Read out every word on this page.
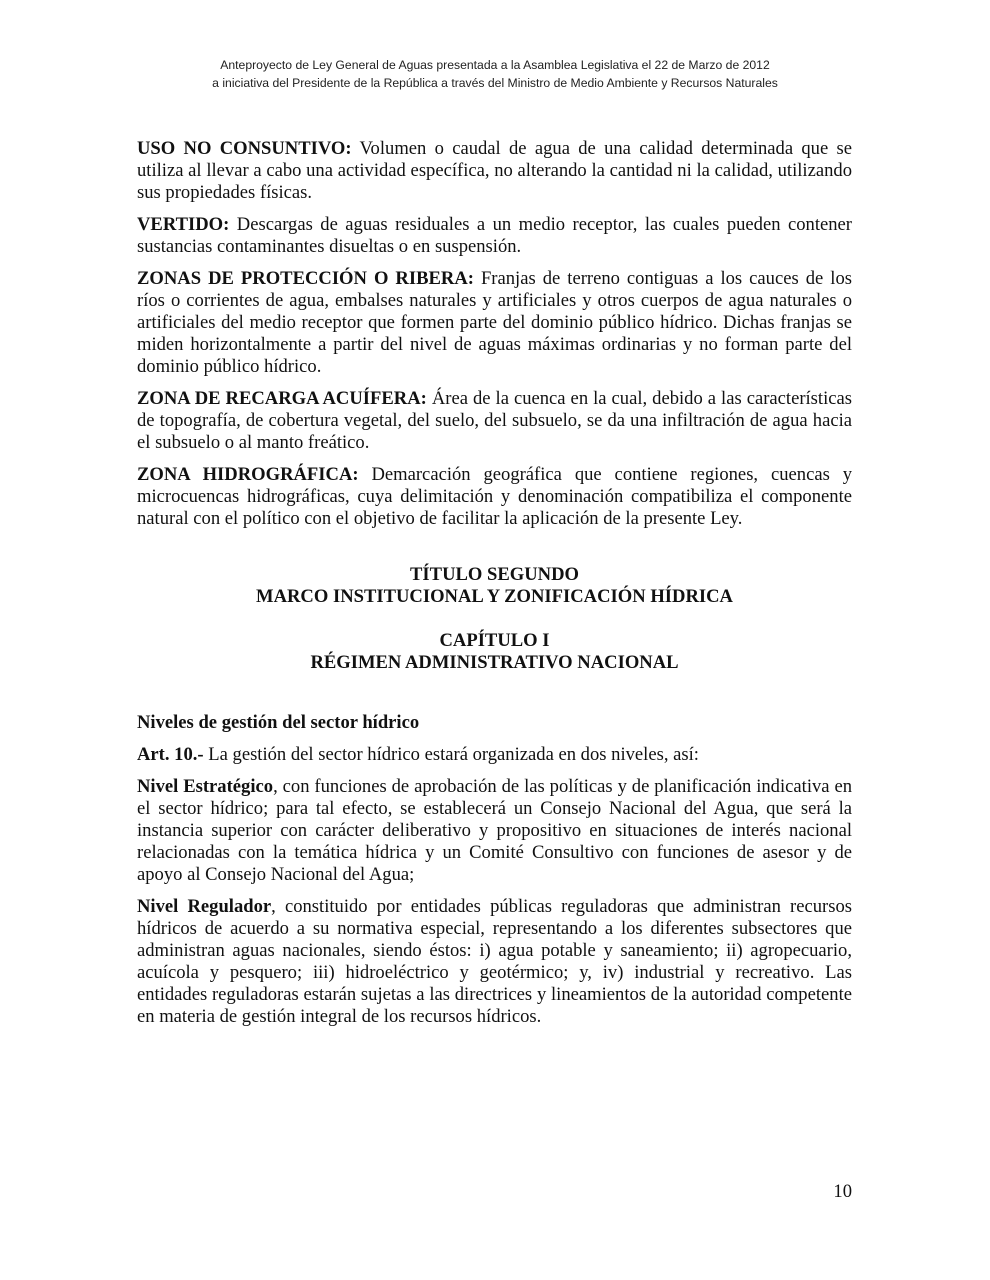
Anteproyecto de Ley General de Aguas presentada a la Asamblea Legislativa el 22 de Marzo de 2012
a iniciativa del Presidente de la República a través del Ministro de Medio Ambiente y Recursos Naturales

USO NO CONSUNTIVO: Volumen o caudal de agua de una calidad determinada que se utiliza al llevar a cabo una actividad específica, no alterando la cantidad ni la calidad, utilizando sus propiedades físicas.

VERTIDO: Descargas de aguas residuales a un medio receptor, las cuales pueden contener sustancias contaminantes disueltas o en suspensión.

ZONAS DE PROTECCIÓN O RIBERA: Franjas de terreno contiguas a los cauces de los ríos o corrientes de agua, embalses naturales y artificiales y otros cuerpos de agua naturales o artificiales del medio receptor que formen parte del dominio público hídrico. Dichas franjas se miden horizontalmente a partir del nivel de aguas máximas ordinarias y no forman parte del dominio público hídrico.

ZONA DE RECARGA ACUÍFERA: Área de la cuenca en la cual, debido a las características de topografía, de cobertura vegetal, del suelo, del subsuelo, se da una infiltración de agua hacia el subsuelo o al manto freático.

ZONA HIDROGRÁFICA: Demarcación geográfica que contiene regiones, cuencas y microcuencas hidrográficas, cuya delimitación y denominación compatibiliza el componente natural con el político con el objetivo de facilitar la aplicación de la presente Ley.

TÍTULO SEGUNDO
MARCO INSTITUCIONAL Y ZONIFICACIÓN HÍDRICA
CAPÍTULO I
RÉGIMEN ADMINISTRATIVO NACIONAL
Niveles de gestión del sector hídrico

Art. 10.- La gestión del sector hídrico estará organizada en dos niveles, así:

Nivel Estratégico, con funciones de aprobación de las políticas y de planificación indicativa en el sector hídrico; para tal efecto, se establecerá un Consejo Nacional del Agua, que será la instancia superior con carácter deliberativo y propositivo en situaciones de interés nacional relacionadas con la temática hídrica y un Comité Consultivo con funciones de asesor y de apoyo al Consejo Nacional del Agua;

Nivel Regulador, constituido por entidades públicas reguladoras que administran recursos hídricos de acuerdo a su normativa especial, representando a los diferentes subsectores que administran aguas nacionales, siendo éstos: i) agua potable y saneamiento; ii) agropecuario, acuícola y pesquero; iii) hidroeléctrico y geotérmico; y, iv) industrial y recreativo. Las entidades reguladoras estarán sujetas a las directrices y lineamientos de la autoridad competente en materia de gestión integral de los recursos hídricos.

10
